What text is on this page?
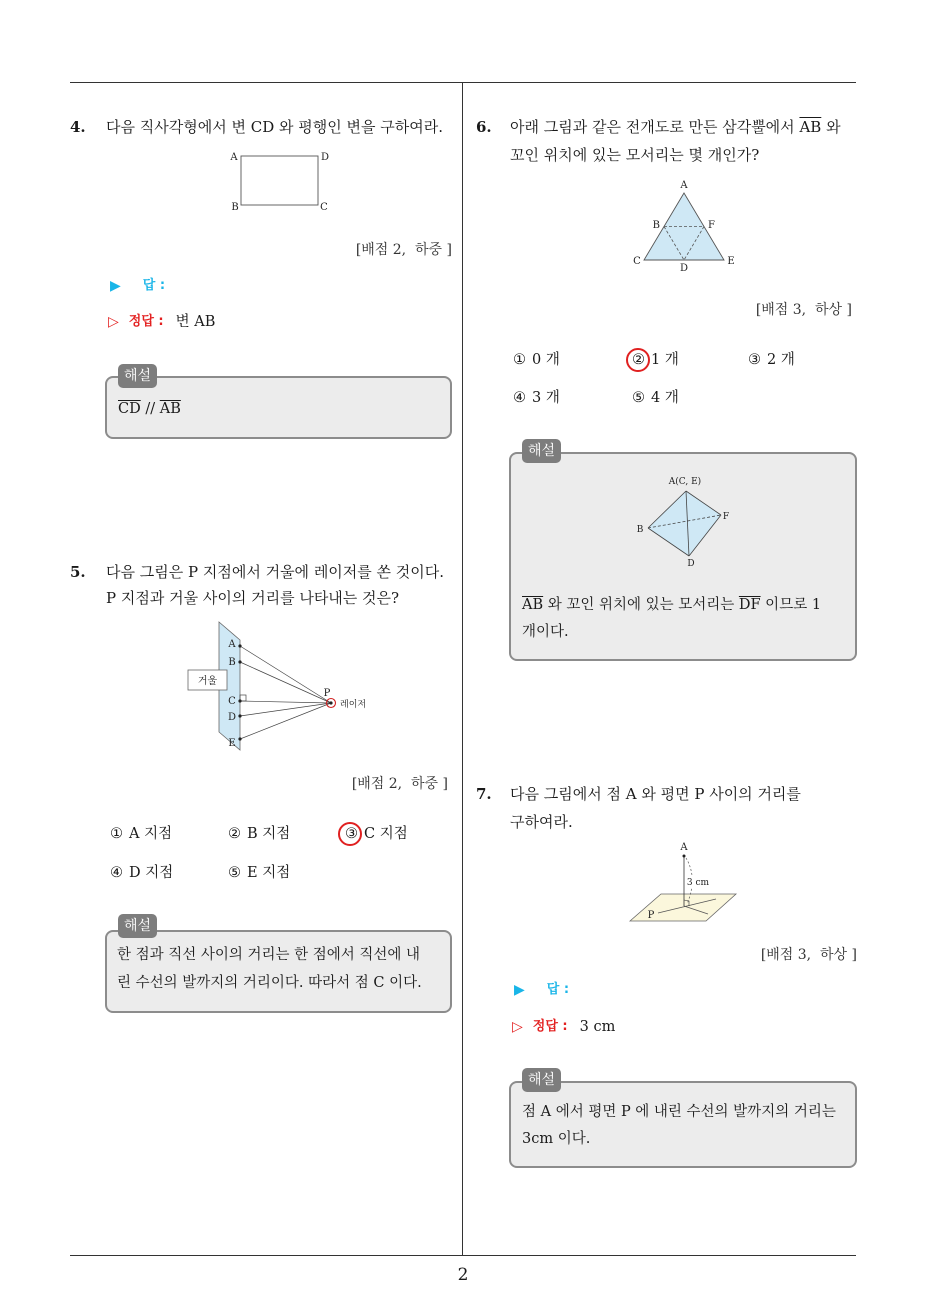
4. 다음 직사각형에서 변 CD 와 평행인 변을 구하여라.
A	D
B	C
[배점 2,  하중 ]
▶ 답 :
▷ 정답 : 변 AB
해설
$\overline{CD} // \overline{AB}$
5. 다음 그림은 P 지점에서 거울에 레이저를 쏜 것이다.
P 지점과 거울 사이의 거리를 나타내는 것은?
A
B
C
D
E
거울
P
레이저
[배점 2,  하중 ]
① A 지점	② B 지점	③ C 지점
④ D 지점	⑤ E 지점
해설
한 점과 직선 사이의 거리는 한 점에서 직선에 내
린 수선의 발까지의 거리이다. 따라서 점 C 이다.
6. 아래 그림과 같은 전개도로 만든 삼각뿔에서 $\overline{AB}$ 와
꼬인 위치에 있는 모서리는 몇 개인가?
A
B	F
C
D
E
[배점 3,  하상 ]
① 0 개	② 1 개	③ 2 개
④ 3 개	⑤ 4 개
해설
A(C, E)
B
F
D
$\overline{AB}$ 와 꼬인 위치에 있는 모서리는 $\overline{DF}$ 이므로 1
개이다.
7. 다음 그림에서 점 A 와 평면 P 사이의 거리를
구하여라.
A
3 cm
P
[배점 3,  하상 ]
▶ 답 :
▷ 정답 : 3 cm
해설
점 A 에서 평면 P 에 내린 수선의 발까지의 거리는
3cm 이다.
2
